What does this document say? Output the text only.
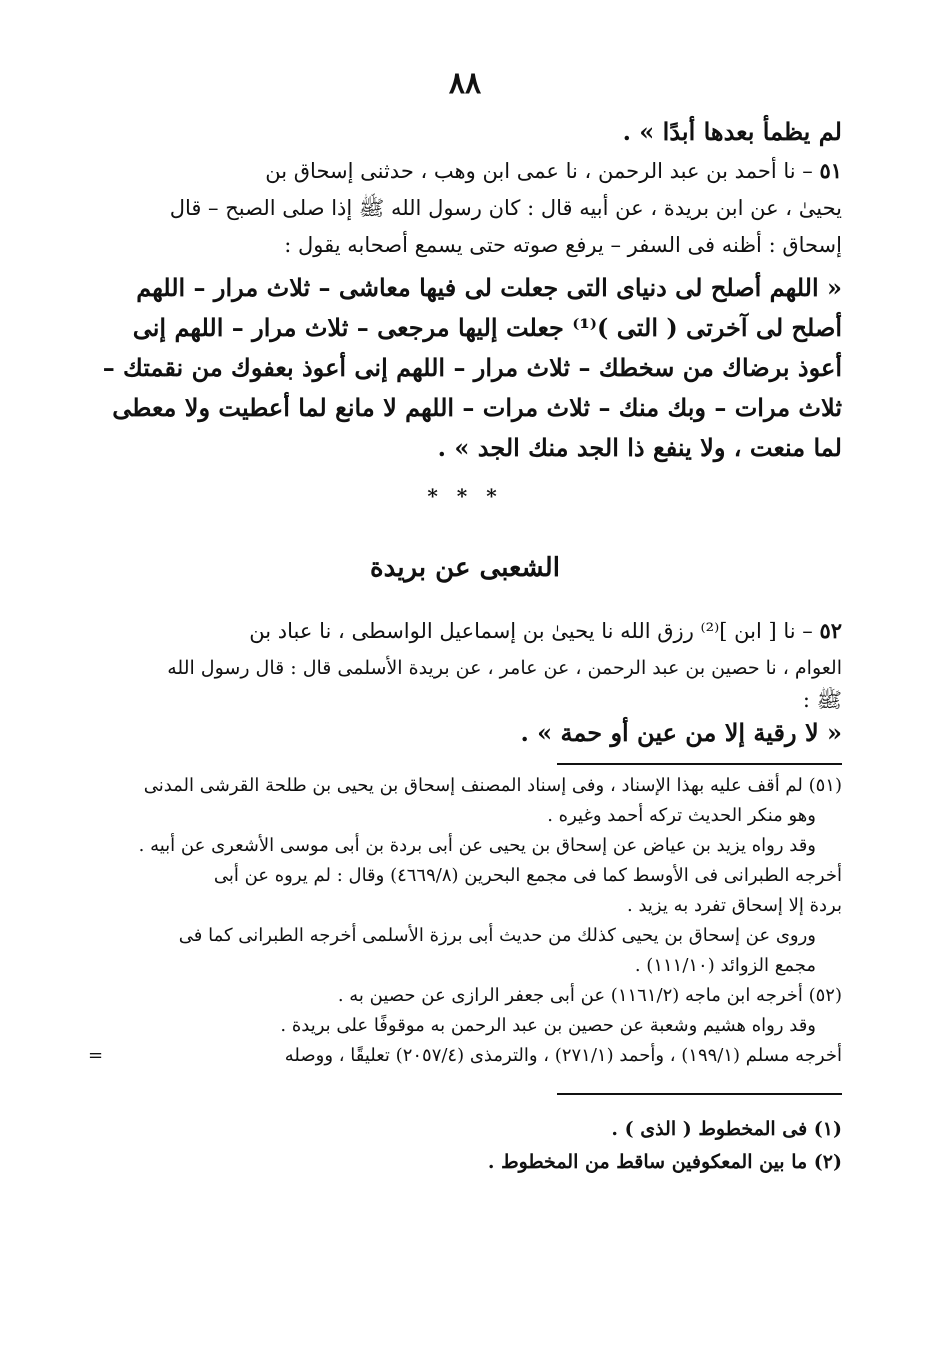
٨٨
لم يظمأ بعدها أبدًا » .
٥١ – نا أحمد بن عبد الرحمن ، نا عمى ابن وهب ، حدثنى إسحاق بن
يحيىٰ ، عن ابن بريدة ، عن أبيه قال : كان رسول الله ﷺ إذا صلى الصبح – قال
إسحاق : أظنه فى السفر – يرفع صوته حتى يسمع أصحابه يقول :
« اللهم أصلح لى دنياى التى جعلت لى فيها معاشى – ثلاث مرار – اللهم
أصلح لى آخرتى ( التى )⁽¹⁾ جعلت إليها مرجعى – ثلاث مرار – اللهم إنى
أعوذ برضاك من سخطك – ثلاث مرار – اللهم إنى أعوذ بعفوك من نقمتك –
ثلاث مرات – وبك منك – ثلاث مرات – اللهم لا مانع لما أعطيت ولا معطى
لما منعت ، ولا ينفع ذا الجد منك الجد » .
* * *
الشعبى عن بريدة
٥٢ – نا [ ابن ]⁽²⁾ رزق الله نا يحيىٰ بن إسماعيل الواسطى ، نا عباد بن
العوام ، نا حصين بن عبد الرحمن ، عن عامر ، عن بريدة الأسلمى قال : قال رسول الله
ﷺ :
« لا رقية إلا من عين أو حمة » .
(٥١) لم أقف عليه بهذا الإسناد ، وفى إسناد المصنف إسحاق بن يحيى بن طلحة القرشى المدنى
وهو منكر الحديث تركه أحمد وغيره .
وقد رواه يزيد بن عياض عن إسحاق بن يحيى عن أبى بردة بن أبى موسى الأشعرى عن أبيه .
أخرجه الطبرانى فى الأوسط كما فى مجمع البحرين (٤٦٦٩/٨) وقال : لم يروه عن أبى
بردة إلا إسحاق تفرد به يزيد .
وروى عن إسحاق بن يحيى كذلك من حديث أبى برزة الأسلمى أخرجه الطبرانى كما فى
مجمع الزوائد (١١١/١٠) .
(٥٢) أخرجه ابن ماجه (١١٦١/٢) عن أبى جعفر الرازى عن حصين به .
وقد رواه هشيم وشعبة عن حصين بن عبد الرحمن به موقوفًا على بريدة .
أخرجه مسلم (١٩٩/١) ، وأحمد (٢٧١/١) ، والترمذى (٢٠٥٧/٤) تعليقًا ، ووصله
=
(١) فى المخطوط ( الذى ) .
(٢) ما بين المعكوفين ساقط من المخطوط .
